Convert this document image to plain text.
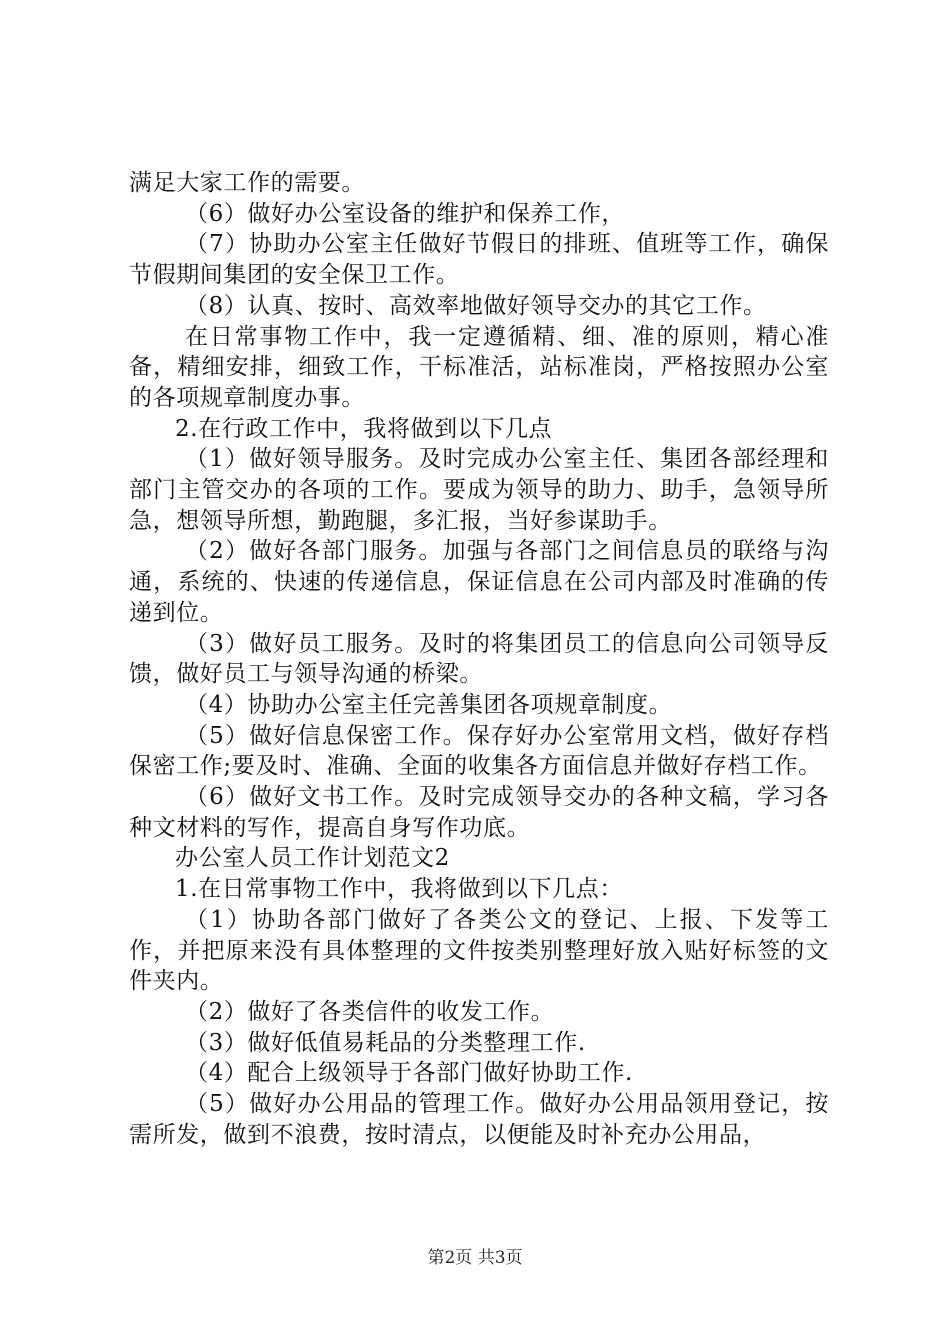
满足大家工作的需要。

（6）做好办公室设备的维护和保养工作，

（7）协助办公室主任做好节假日的排班、值班等工作，确保节假期间集团的安全保卫工作。

（8）认真、按时、高效率地做好领导交办的其它工作。

在日常事物工作中，我一定遵循精、细、准的原则，精心准备，精细安排，细致工作，干标准活，站标准岗，严格按照办公室的各项规章制度办事。

2.在行政工作中，我将做到以下几点

（1）做好领导服务。及时完成办公室主任、集团各部经理和部门主管交办的各项的工作。要成为领导的助力、助手，急领导所急，想领导所想，勤跑腿，多汇报，当好参谋助手。

（2）做好各部门服务。加强与各部门之间信息员的联络与沟通，系统的、快速的传递信息，保证信息在公司内部及时准确的传递到位。

（3）做好员工服务。及时的将集团员工的信息向公司领导反馈，做好员工与领导沟通的桥梁。

（4）协助办公室主任完善集团各项规章制度。

（5）做好信息保密工作。保存好办公室常用文档，做好存档保密工作;要及时、准确、全面的收集各方面信息并做好存档工作。

（6）做好文书工作。及时完成领导交办的各种文稿，学习各种文材料的写作，提高自身写作功底。

办公室人员工作计划范文2

1.在日常事物工作中，我将做到以下几点：

（1）协助各部门做好了各类公文的登记、上报、下发等工作，并把原来没有具体整理的文件按类别整理好放入贴好标签的文件夹内。

（2）做好了各类信件的收发工作。

（3）做好低值易耗品的分类整理工作.

（4）配合上级领导于各部门做好协助工作.

（5）做好办公用品的管理工作。做好办公用品领用登记，按需所发，做到不浪费，按时清点，以便能及时补充办公用品，

第2页 共3页
